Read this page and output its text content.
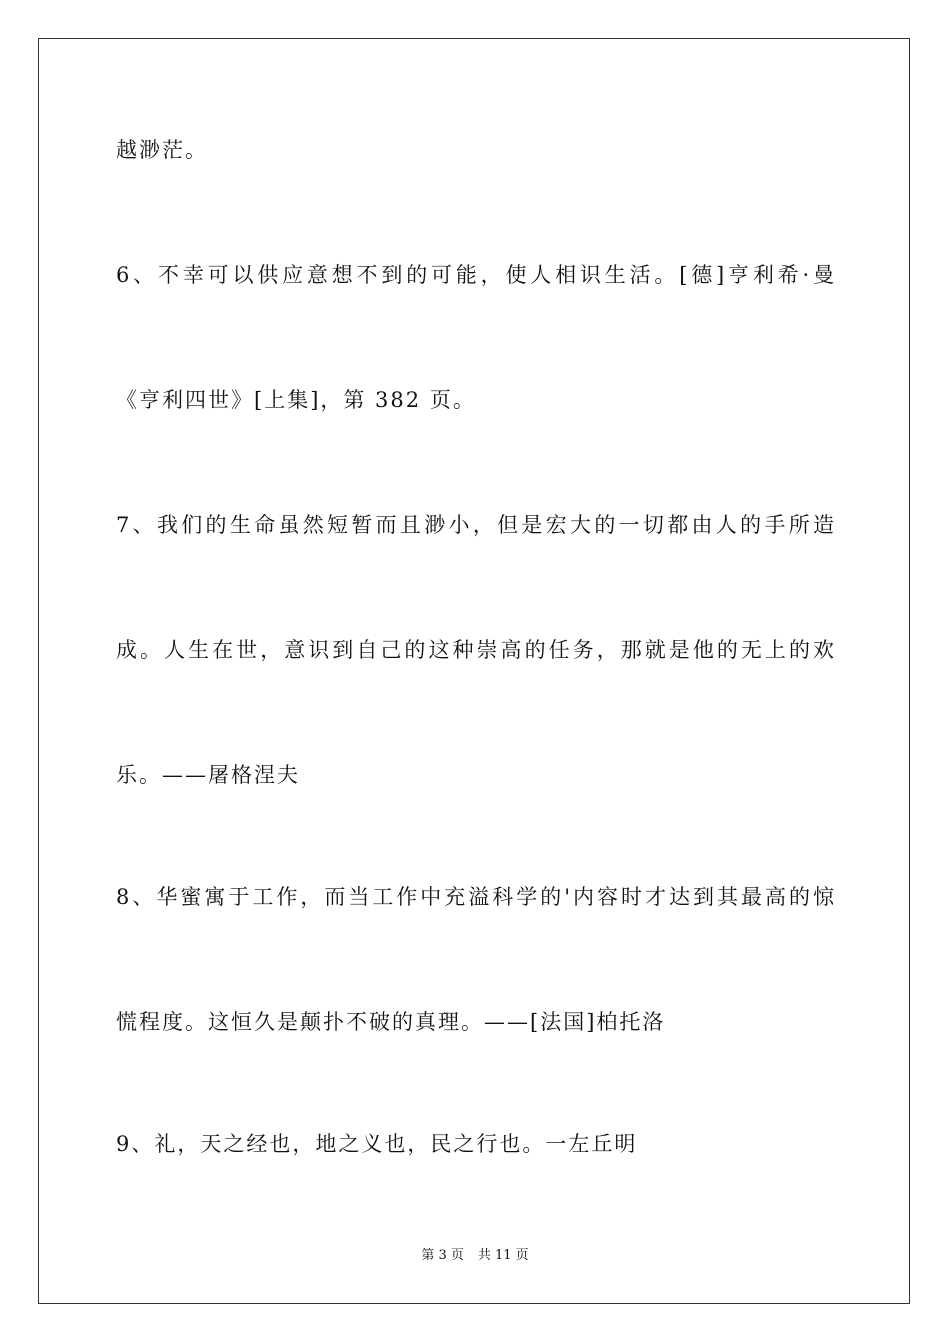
越渺茫。
6、不幸可以供应意想不到的可能，使人相识生活。[德]亨利希·曼
《亨利四世》[上集]，第 382 页。
7、我们的生命虽然短暂而且渺小，但是宏大的一切都由人的手所造
成。人生在世，意识到自己的这种崇高的任务，那就是他的无上的欢
乐。——屠格涅夫
8、华蜜寓于工作，而当工作中充溢科学的'内容时才达到其最高的惊
慌程度。这恒久是颠扑不破的真理。——[法国]柏托洛
9、礼，天之经也，地之义也，民之行也。一左丘明
第 3 页 共 11 页
